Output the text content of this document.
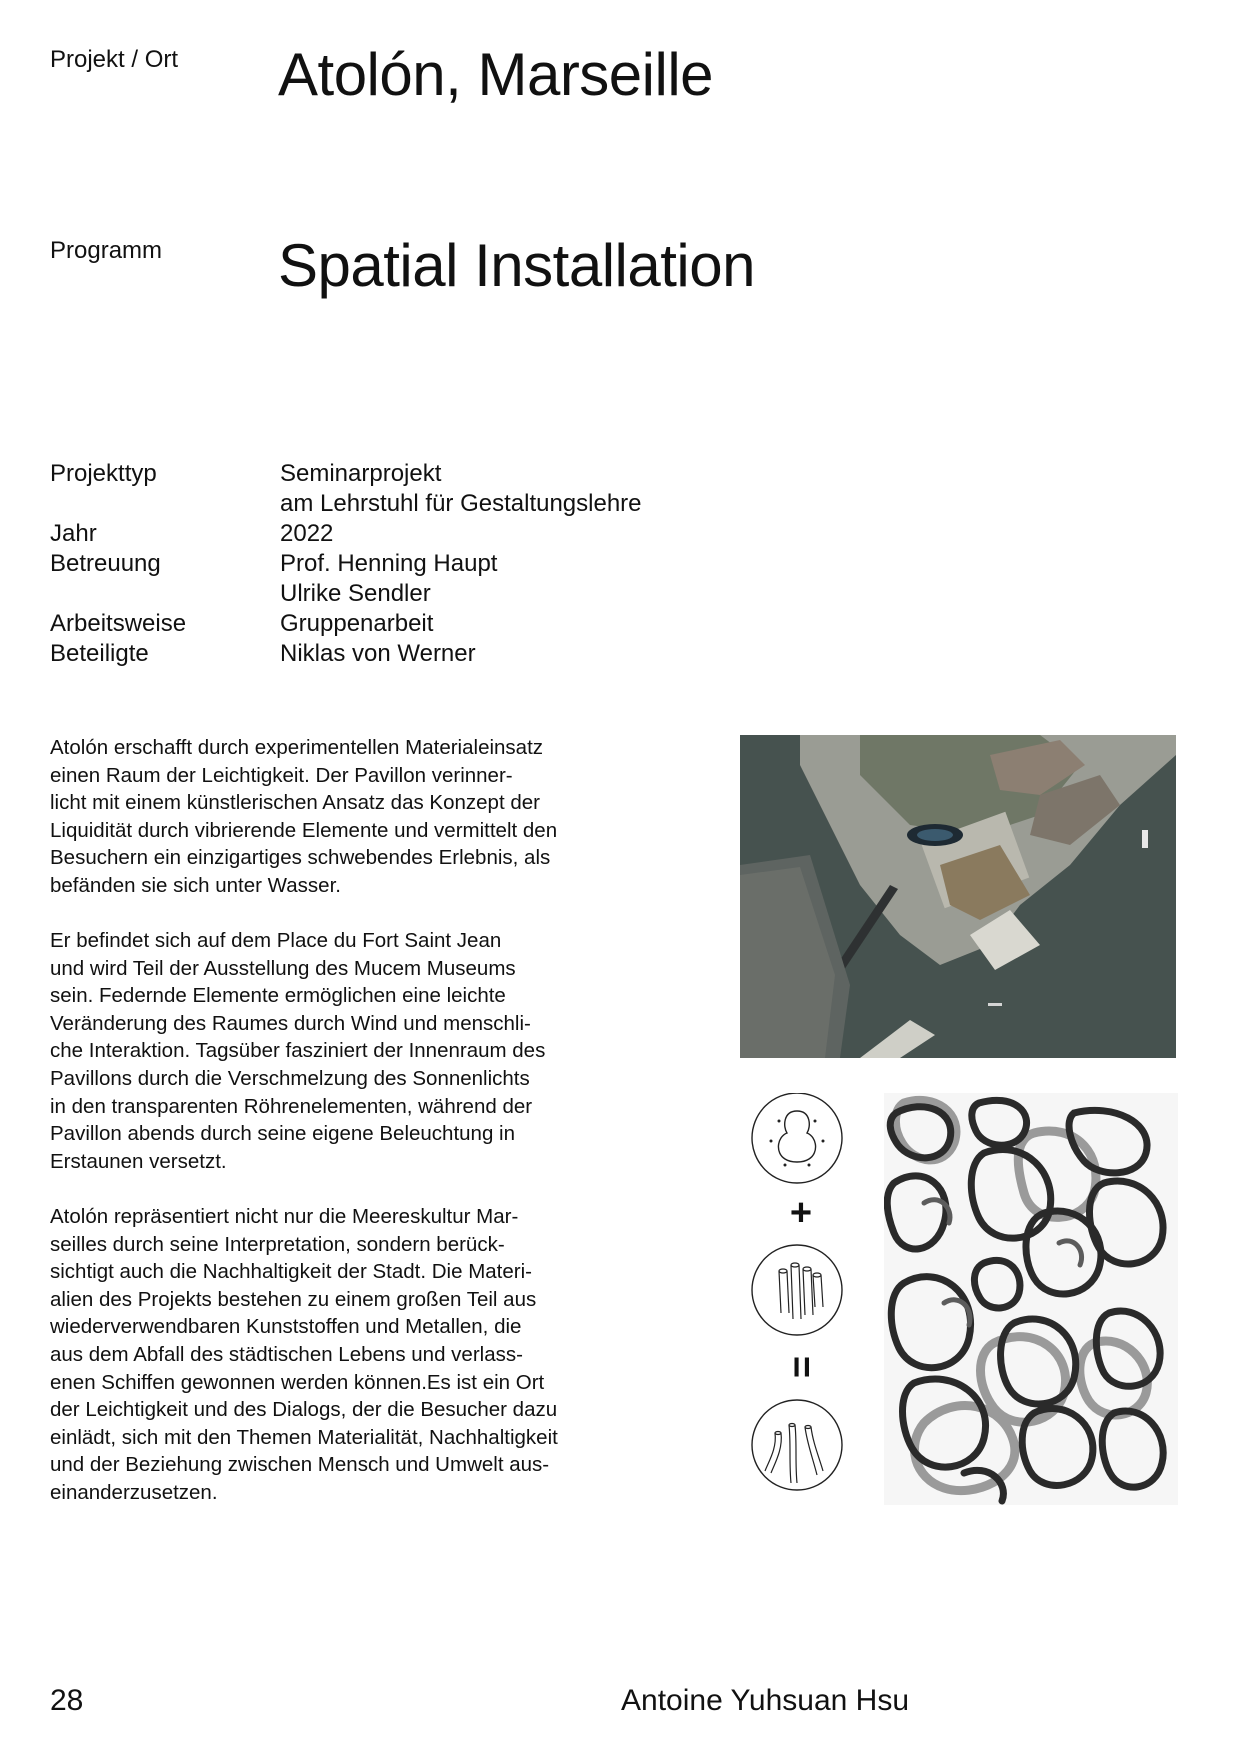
Projekt / Ort Atolón, Marseille
Programm Spatial Installation
Projekttyp	Seminarprojekt
am Lehrstuhl für Gestaltungslehre
Jahr	2022
Betreuung	Prof. Henning Haupt
Ulrike Sendler
Arbeitsweise	Gruppenarbeit
Beteiligte	Niklas von Werner
Atolón erschafft durch experimentellen Materialeinsatz
einen Raum der Leichtigkeit. Der Pavillon verinner-
licht mit einem künstlerischen Ansatz das Konzept der
Liquidität durch vibrierende Elemente und vermittelt den
Besuchern ein einzigartiges schwebendes Erlebnis, als
befänden sie sich unter Wasser.
Er befindet sich auf dem Place du Fort Saint Jean
und wird Teil der Ausstellung des Mucem Museums
sein. Federnde Elemente ermöglichen eine leichte
Veränderung des Raumes durch Wind und menschli-
che Interaktion. Tagsüber fasziniert der Innenraum des
Pavillons durch die Verschmelzung des Sonnenlichts
in den transparenten Röhrenelementen, während der
Pavillon abends durch seine eigene Beleuchtung in
Erstaunen versetzt.
Atolón repräsentiert nicht nur die Meereskultur Mar-
seilles durch seine Interpretation, sondern berück-
sichtigt auch die Nachhaltigkeit der Stadt. Die Materi-
alien des Projekts bestehen zu einem großen Teil aus
wiederverwendbaren Kunststoffen und Metallen, die
aus dem Abfall des städtischen Lebens und verlass-
enen Schiffen gewonnen werden können.Es ist ein Ort
der Leichtigkeit und des Dialogs, der die Besucher dazu
einlädt, sich mit den Themen Materialität, Nachhaltigkeit
und der Beziehung zwischen Mensch und Umwelt aus-
einanderzusetzen.
+
=
28	Antoine Yuhsuan Hsu
